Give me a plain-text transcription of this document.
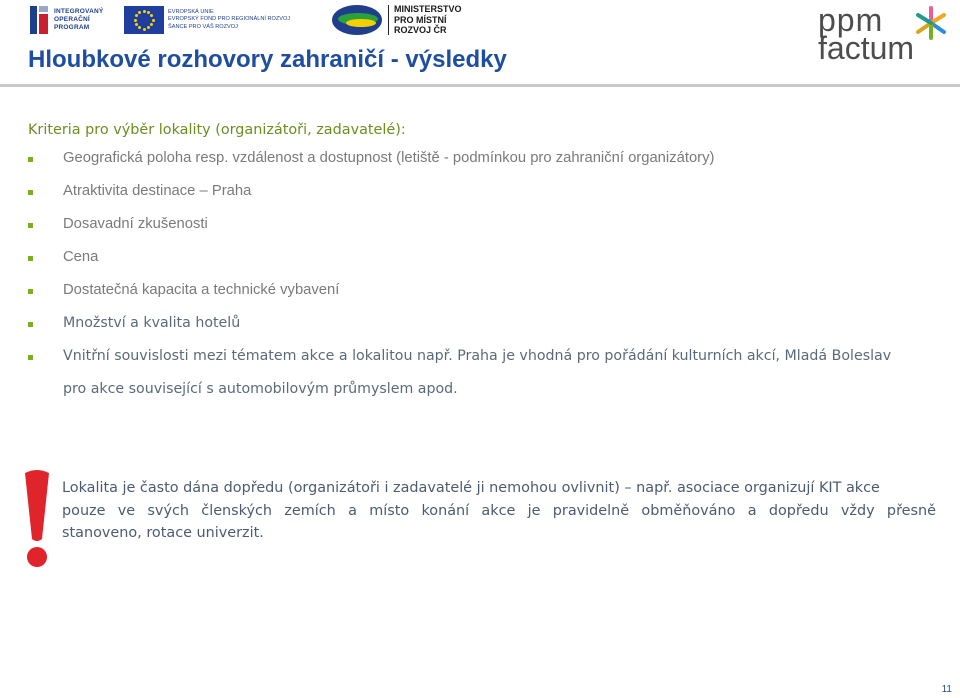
INTEGROVANÝ
OPERAČNÍ
PROGRAM
EVROPSKÁ UNIE
EVROPSKÝ FOND PRO REGIONÁLNÍ ROZVOJ
ŠANCE PRO VÁŠ ROZVOJ
MINISTERSTVO
PRO MÍSTNÍ
ROZVOJ ČR	ppm
factum
Hloubkové rozhovory zahraničí - výsledky
Kriteria pro výběr lokality (organizátoři, zadavatelé):
Geografická poloha resp. vzdálenost a dostupnost (letiště - podmínkou pro zahraniční organizátory)
Atraktivita destinace – Praha
Dosavadní zkušenosti
Cena
Dostatečná kapacita a technické vybavení
Množství a kvalita hotelů
Vnitřní souvislosti mezi tématem akce a lokalitou např. Praha je vhodná pro pořádání kulturních akcí, Mladá Boleslav pro akce související s automobilovým průmyslem apod.
Lokalita je často dána dopředu (organizátoři i zadavatelé ji nemohou ovlivnit) – např. asociace organizují KIT akce
pouze ve svých členských zemích a místo konání akce je pravidelně obměňováno a dopředu vždy přesně
stanoveno, rotace univerzit.
11
